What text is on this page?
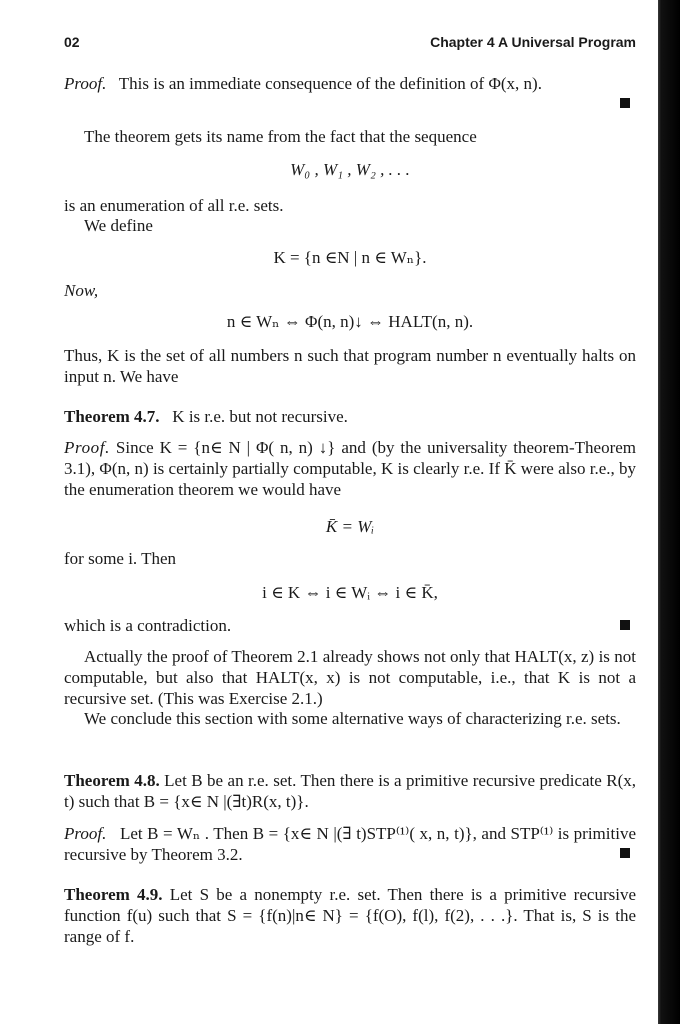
02	Chapter 4 A Universal Program
Proof. This is an immediate consequence of the definition of Φ(x, n).
The theorem gets its name from the fact that the sequence
W₀ , W₁ , W₂ , . . .
is an enumeration of all r.e. sets.
We define
K = {n ∈N | n ∈ Wₙ}.
Now,
n ∈ Wₙ ⇔ Φ(n, n)↓ ⇔ HALT(n, n).
Thus, K is the set of all numbers n such that program number n eventually halts on input n. We have
Theorem 4.7. K is r.e. but not recursive.
Proof. Since K = {n∈ N | Φ( n, n) ↓} and (by the universality theorem-Theorem 3.1), Φ(n, n) is certainly partially computable, K is clearly r.e. If K̄ were also r.e., by the enumeration theorem we would have
K̄ = Wᵢ
for some i. Then
i ∈ K ⇔ i ∈ Wᵢ ⇔ i ∈ K̄,
which is a contradiction.
Actually the proof of Theorem 2.1 already shows not only that HALT(x, z) is not computable, but also that HALT(x, x) is not computable, i.e., that K is not a recursive set. (This was Exercise 2.1.)
We conclude this section with some alternative ways of characterizing r.e. sets.
Theorem 4.8. Let B be an r.e. set. Then there is a primitive recursive predicate R(x, t) such that B = {x∈ N |(∃t)R(x, t)}.
Proof. Let B = Wₙ . Then B = {x∈ N |(∃ t)STP⁽¹⁾( x, n, t)}, and STP⁽¹⁾ is primitive recursive by Theorem 3.2.
Theorem 4.9. Let S be a nonempty r.e. set. Then there is a primitive recursive function f(u) such that S = {f(n)|n∈ N} = {f(O), f(l), f(2), . . .}. That is, S is the range of f.
